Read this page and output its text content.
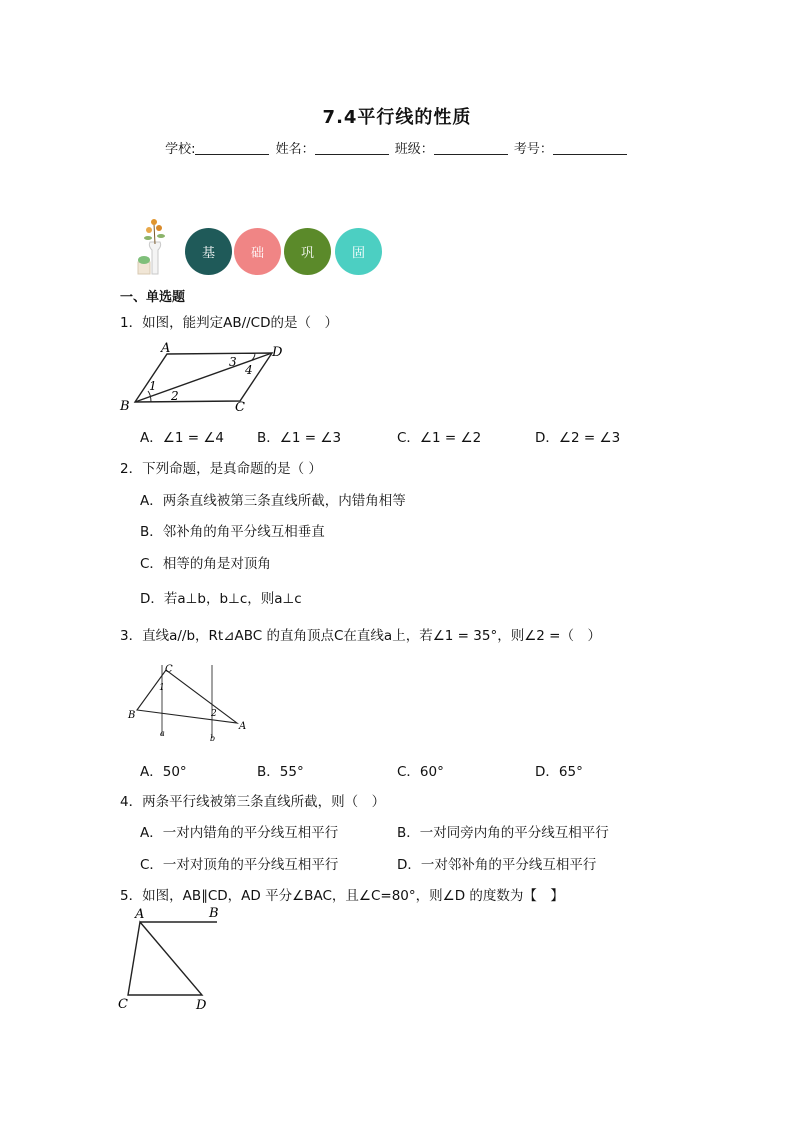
7.4平行线的性质
学校:	姓名：	班级：	考号：
基	础	巩	固
一、单选题
1．如图，能判定AB//CD的是（　）
A
B	C
D
1
2
3
4
A．∠1 = ∠4 B．∠1 = ∠3	C．∠1 = ∠2	D．∠2 = ∠3
2．下列命题，是真命题的是（ ）
A．两条直线被第三条直线所截，内错角相等
B．邻补角的角平分线互相垂直
C．相等的角是对顶角
D．若a⊥b，b⊥c，则a⊥c
3．直线a//b，Rt⊿ABC 的直角顶点C在直线a上，若∠1 = 35°，则∠2 =（　）
C
B
A
1
2
a
b
A．50°	B．55°	C．60°	D．65°
4．两条平行线被第三条直线所截，则（　）
A．一对内错角的平分线互相平行	B．一对同旁内角的平分线互相平行
C．一对对顶角的平分线互相平行	D．一对邻补角的平分线互相平行
5．如图，AB∥CD，AD 平分∠BAC，且∠C=80°，则∠D 的度数为【　】
A	B
C	D
